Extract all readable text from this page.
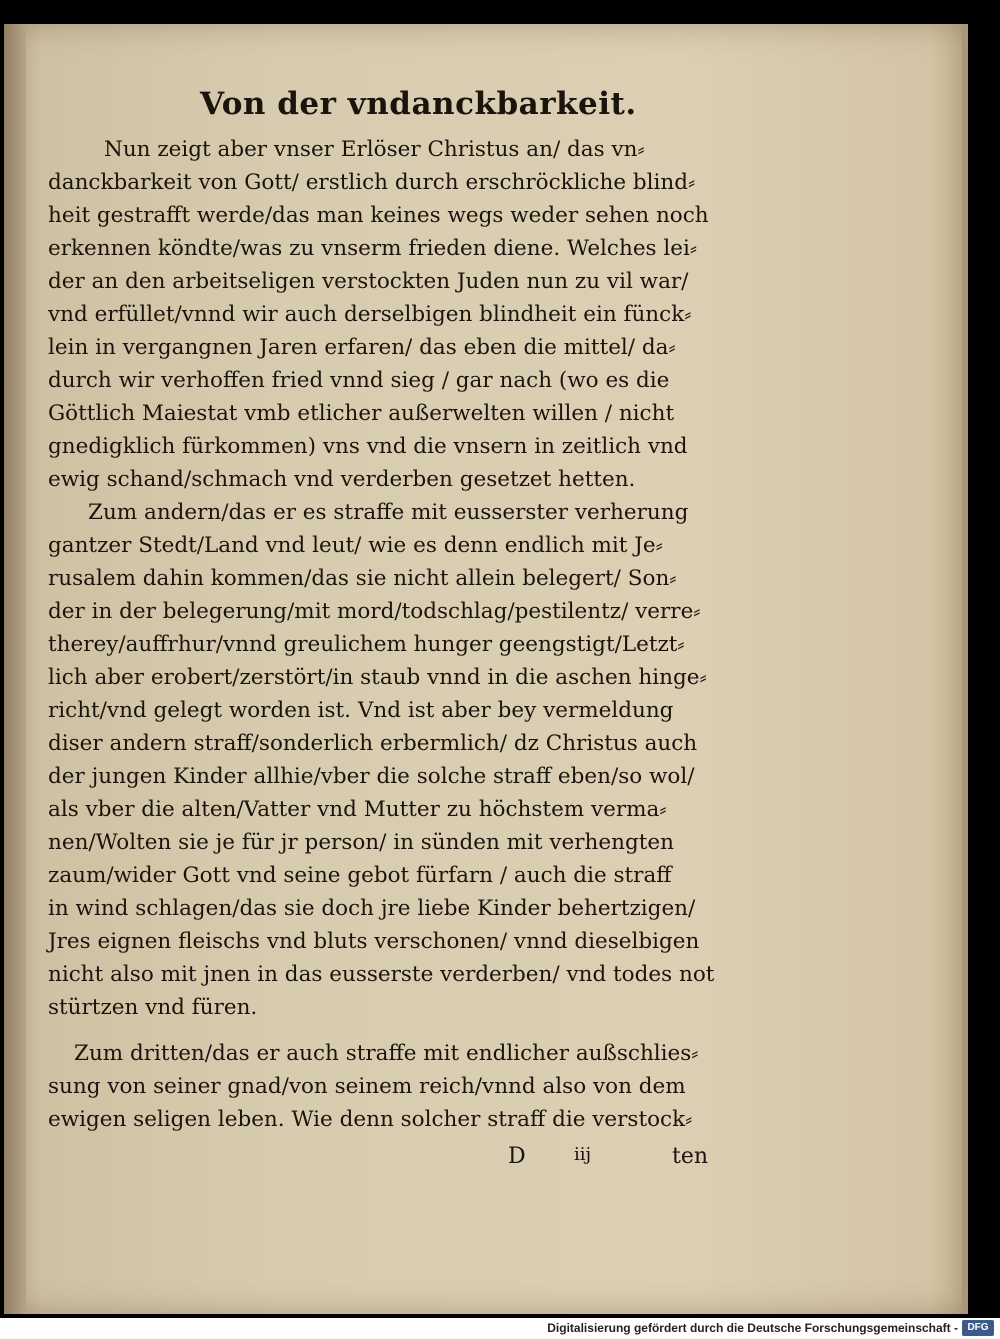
Von der vndanckbarkeit.
Nun zeigt aber vnser Erlöser Christus an/ das vn⸗
danckbarkeit von Gott/ erstlich durch erschröckliche blind⸗
heit gestrafft werde/das man keines wegs weder sehen noch
erkennen köndte/was zu vnserm frieden diene. Welches lei⸗
der an den arbeitseligen verstockten Juden nun zu vil war/
vnd erfüllet/vnnd wir auch derselbigen blindheit ein fünck⸗
lein in vergangnen Jaren erfaren/ das eben die mittel/ da⸗
durch wir verhoffen fried vnnd sieg / gar nach (wo es die
Göttlich Maiestat vmb etlicher außerwelten willen / nicht
gnedigklich fürkommen) vns vnd die vnsern in zeitlich vnd
ewig schand/schmach vnd verderben gesetzet hetten.
Zum andern/das er es straffe mit eusserster verherung
gantzer Stedt/Land vnd leut/ wie es denn endlich mit Je⸗
rusalem dahin kommen/das sie nicht allein belegert/ Son⸗
der in der belegerung/mit mord/todschlag/pestilentz/ verre⸗
therey/auffrhur/vnnd greulichem hunger geengstigt/Letzt⸗
lich aber erobert/zerstört/in staub vnnd in die aschen hinge⸗
richt/vnd gelegt worden ist. Vnd ist aber bey vermeldung
diser andern straff/sonderlich erbermlich/ dz Christus auch
der jungen Kinder allhie/vber die solche straff eben/so wol/
als vber die alten/Vatter vnd Mutter zu höchstem verma⸗
nen/Wolten sie je für jr person/ in sünden mit verhengten
zaum/wider Gott vnd seine gebot fürfarn / auch die straff
in wind schlagen/das sie doch jre liebe Kinder behertzigen/
Jres eignen fleischs vnd bluts verschonen/ vnnd dieselbigen
nicht also mit jnen in das eusserste verderben/ vnd todes not
stürtzen vnd füren.
Zum dritten/das er auch straffe mit endlicher außschlies⸗
sung von seiner gnad/von seinem reich/vnnd also von dem
ewigen seligen leben. Wie denn solcher straff die verstock⸗
D	iij	ten
Digitalisierung gefördert durch die Deutsche Forschungsgemeinschaft - DFG
